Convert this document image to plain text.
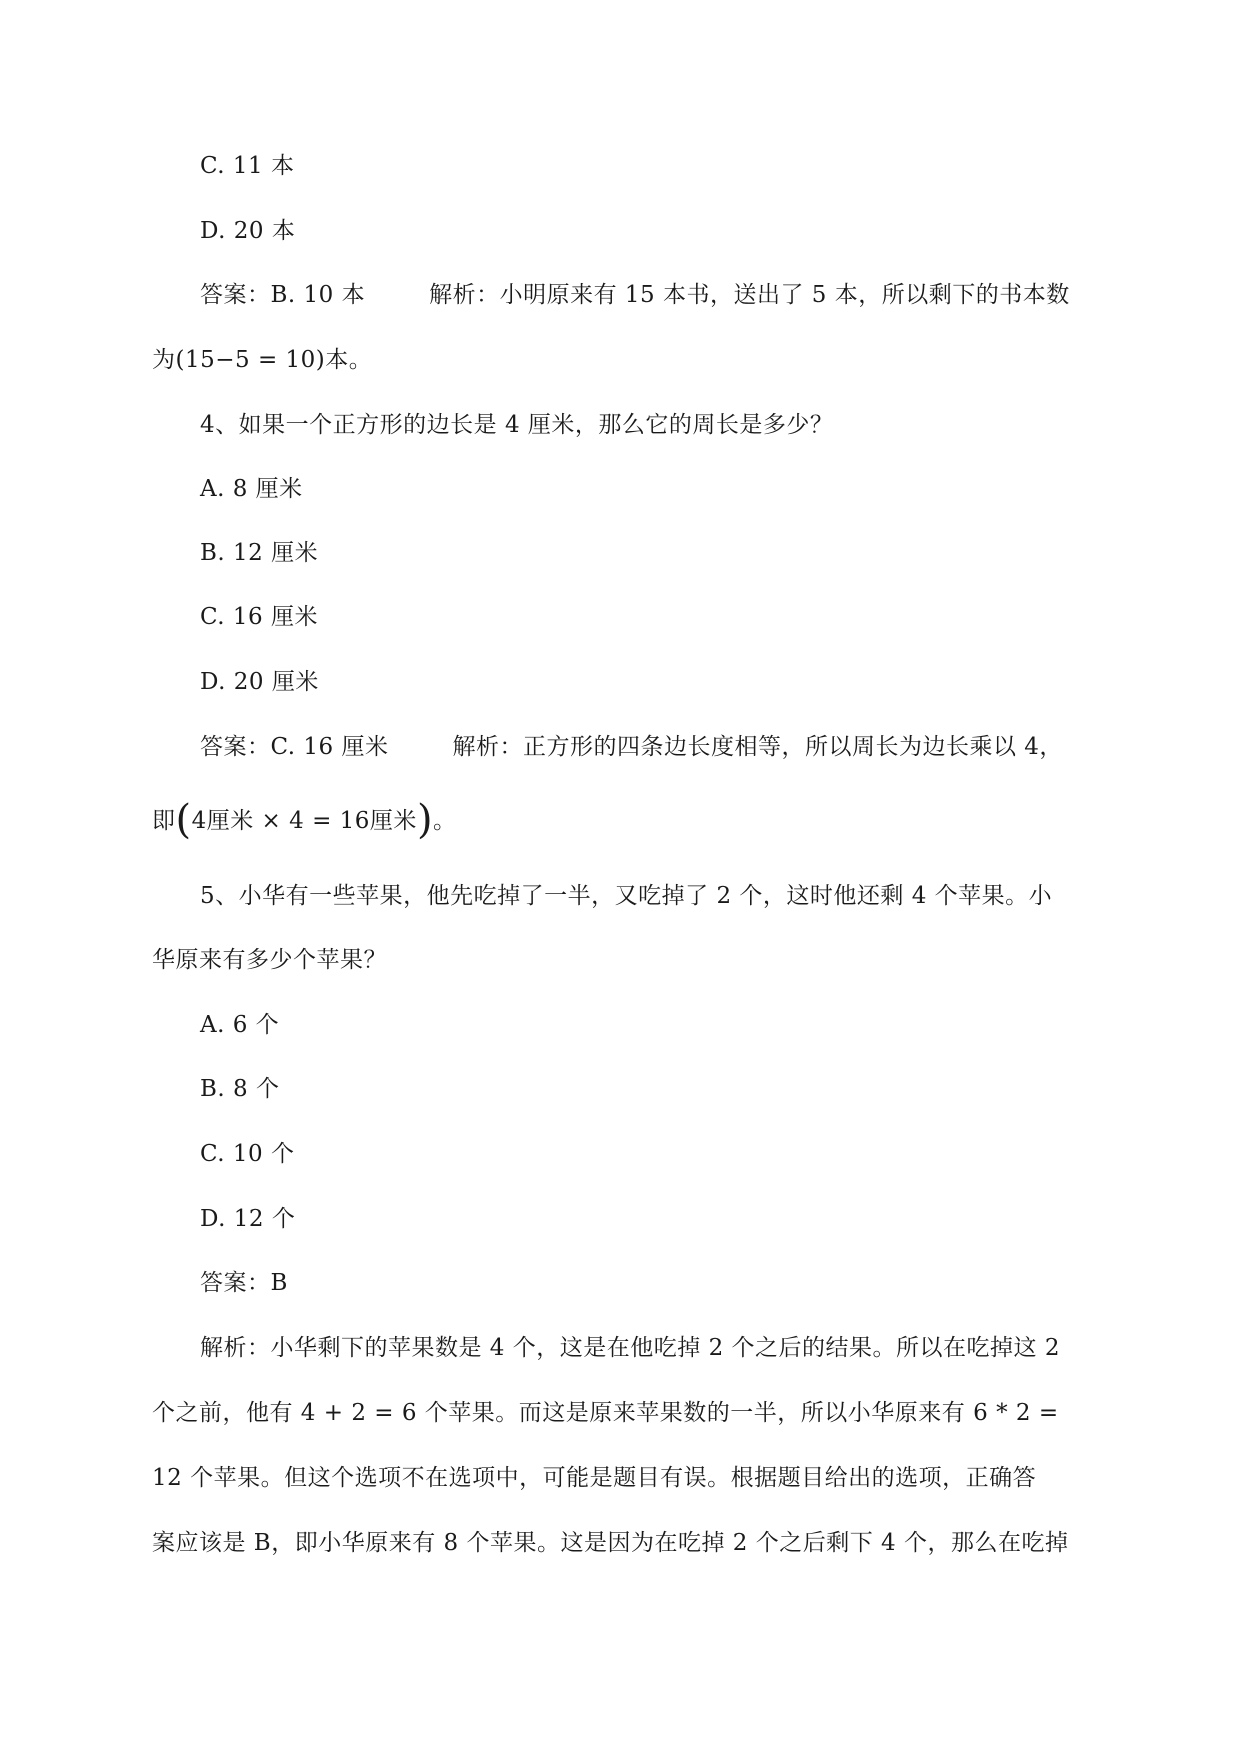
C. 11 本
D. 20 本
答案：B. 10 本	解析：小明原来有 15 本书，送出了 5 本，所以剩下的书本数
为(15−5 = 10)本。
4、如果一个正方形的边长是 4 厘米，那么它的周长是多少？
A. 8 厘米
B. 12 厘米
C. 16 厘米
D. 20 厘米
答案：C. 16 厘米	解析：正方形的四条边长度相等，所以周长为边长乘以 4，
即(4厘米 × 4 = 16厘米)。
5、小华有一些苹果，他先吃掉了一半，又吃掉了 2 个，这时他还剩 4 个苹果。小
华原来有多少个苹果？
A. 6 个
B. 8 个
C. 10 个
D. 12 个
答案：B
解析：小华剩下的苹果数是 4 个，这是在他吃掉 2 个之后的结果。所以在吃掉这 2
个之前，他有 4 + 2 = 6 个苹果。而这是原来苹果数的一半，所以小华原来有 6 * 2 =
12 个苹果。但这个选项不在选项中，可能是题目有误。根据题目给出的选项，正确答
案应该是 B，即小华原来有 8 个苹果。这是因为在吃掉 2 个之后剩下 4 个，那么在吃掉
